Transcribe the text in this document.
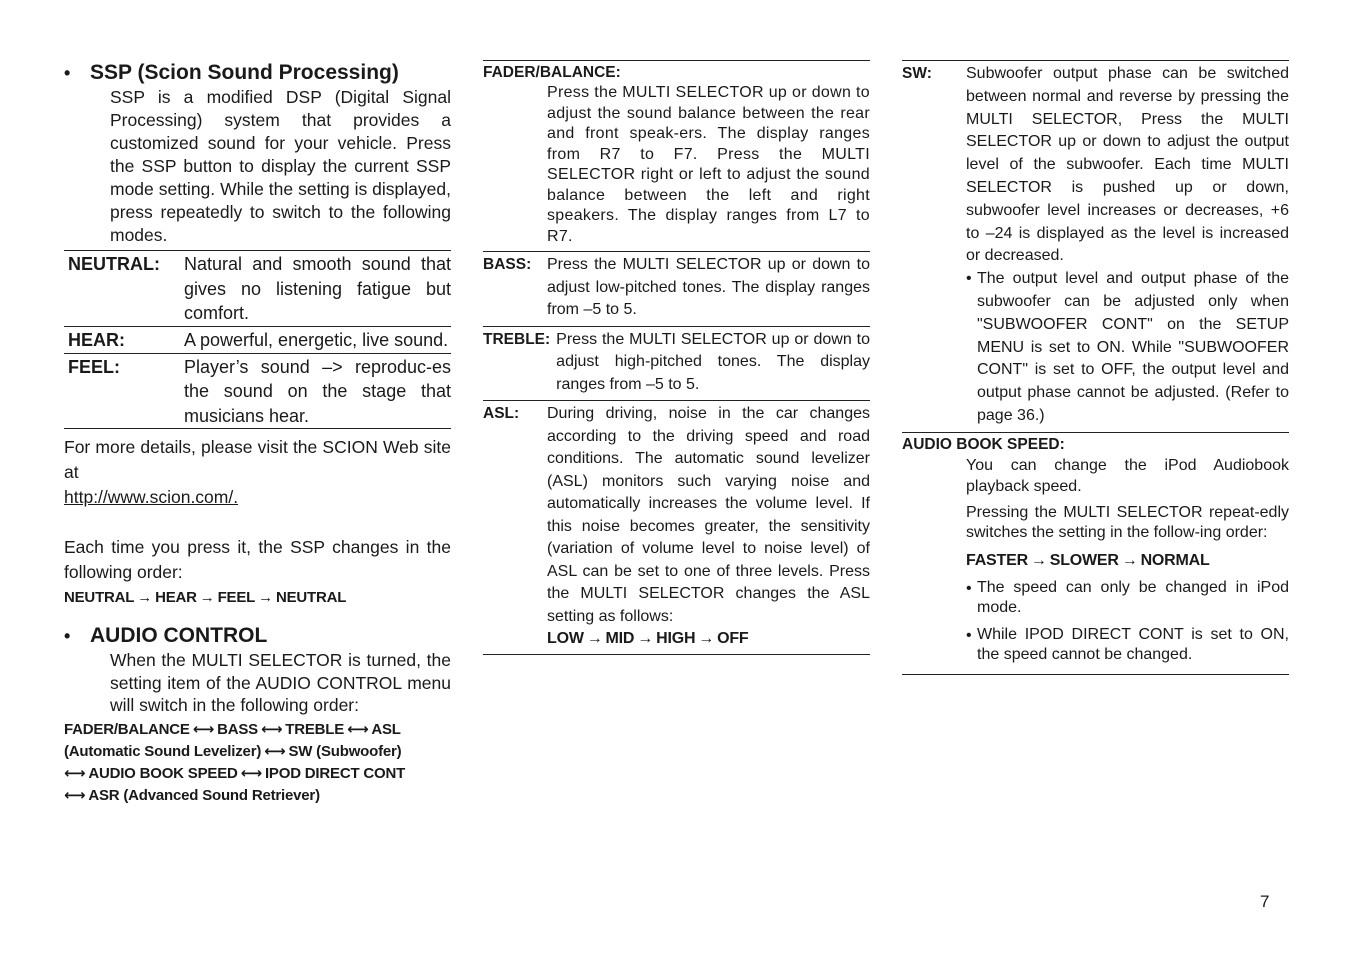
• SSP (Scion Sound Processing)
SSP is a modified DSP (Digital Signal Processing) system that provides a customized sound for your vehicle. Press the SSP button to display the current SSP mode setting. While the setting is displayed, press repeatedly to switch to the following modes.
NEUTRAL:	Natural and smooth sound that gives no listening fatigue but comfort.
HEAR:	A powerful, energetic, live sound.
FEEL:	Player’s sound –> reproduc-es the sound on the stage that musicians hear.
For more details, please visit the SCION Web site at
http://www.scion.com/.
Each time you press it, the SSP changes in the following order:
NEUTRAL → HEAR → FEEL → NEUTRAL
• AUDIO CONTROL
When the MULTI SELECTOR is turned, the setting item of the AUDIO CONTROL menu will switch in the following order:
FADER/BALANCE ⟷ BASS ⟷ TREBLE ⟷ ASL
(Automatic Sound Levelizer) ⟷ SW (Subwoofer)
⟷ AUDIO BOOK SPEED ⟷ IPOD DIRECT CONT
⟷ ASR (Advanced Sound Retriever)
FADER/BALANCE:
Press the MULTI SELECTOR up or down to adjust the sound balance between the rear and front speak-ers. The display ranges from R7 to F7. Press the MULTI SELECTOR right or left to adjust the sound balance between the left and right speakers. The display ranges from L7 to R7.
BASS: Press the MULTI SELECTOR up or down to adjust low-pitched tones. The display ranges from –5 to 5.
TREBLE: Press the MULTI SELECTOR up or down to adjust high-pitched tones. The display ranges from –5 to 5.
ASL:	During driving, noise in the car changes according to the driving speed and road conditions. The automatic sound levelizer (ASL) monitors such varying noise and automatically increases the volume level. If this noise becomes greater, the sensitivity (variation of volume level to noise level) of ASL can be set to one of three levels. Press the MULTI SELECTOR changes the ASL setting as follows:
LOW → MID → HIGH → OFF
SW:	Subwoofer output phase can be switched between normal and reverse by pressing the MULTI SELECTOR, Press the MULTI SELECTOR up or down to adjust the output level of the subwoofer. Each time MULTI SELECTOR is pushed up or down, subwoofer level increases or decreases, +6 to –24 is displayed as the level is increased or decreased.
• The output level and output phase of the subwoofer can be adjusted only when "SUBWOOFER CONT" on the SETUP MENU is set to ON. While "SUBWOOFER CONT" is set to OFF, the output level and output phase cannot be adjusted. (Refer to page 36.)
AUDIO BOOK SPEED:
You can change the iPod Audiobook playback speed.
Pressing the MULTI SELECTOR repeat-edly switches the setting in the follow-ing order:
FASTER → SLOWER → NORMAL
• The speed can only be changed in iPod mode.
• While IPOD DIRECT CONT is set to ON, the speed cannot be changed.
7
